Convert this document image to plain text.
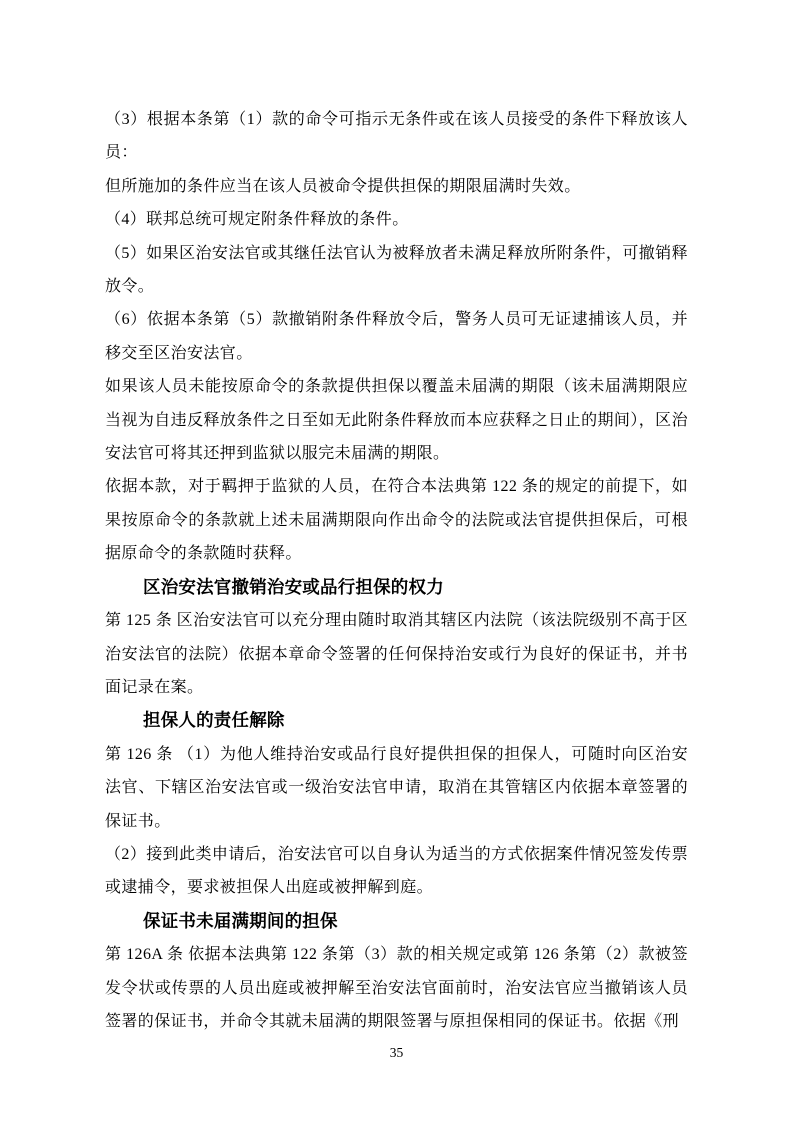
（3）根据本条第（1）款的命令可指示无条件或在该人员接受的条件下释放该人员：

但所施加的条件应当在该人员被命令提供担保的期限届满时失效。

（4）联邦总统可规定附条件释放的条件。

（5）如果区治安法官或其继任法官认为被释放者未满足释放所附条件，可撤销释放令。

（6）依据本条第（5）款撤销附条件释放令后，警务人员可无证逮捕该人员，并移交至区治安法官。

如果该人员未能按原命令的条款提供担保以覆盖未届满的期限（该未届满期限应当视为自违反释放条件之日至如无此附条件释放而本应获释之日止的期间），区治安法官可将其还押到监狱以服完未届满的期限。

依据本款，对于羁押于监狱的人员，在符合本法典第 122 条的规定的前提下，如果按原命令的条款就上述未届满期限向作出命令的法院或法官提供担保后，可根据原命令的条款随时获释。

区治安法官撤销治安或品行担保的权力

第 125 条 区治安法官可以充分理由随时取消其辖区内法院（该法院级别不高于区治安法官的法院）依据本章命令签署的任何保持治安或行为良好的保证书，并书面记录在案。

担保人的责任解除

第 126 条 （1）为他人维持治安或品行良好提供担保的担保人，可随时向区治安法官、下辖区治安法官或一级治安法官申请，取消在其管辖区内依据本章签署的保证书。

（2）接到此类申请后，治安法官可以自身认为适当的方式依据案件情况签发传票或逮捕令，要求被担保人出庭或被押解到庭。

保证书未届满期间的担保

第 126A 条 依据本法典第 122 条第（3）款的相关规定或第 126 条第（2）款被签发令状或传票的人员出庭或被押解至治安法官面前时，治安法官应当撤销该人员签署的保证书，并命令其就未届满的期限签署与原担保相同的保证书。依据《刑

35
